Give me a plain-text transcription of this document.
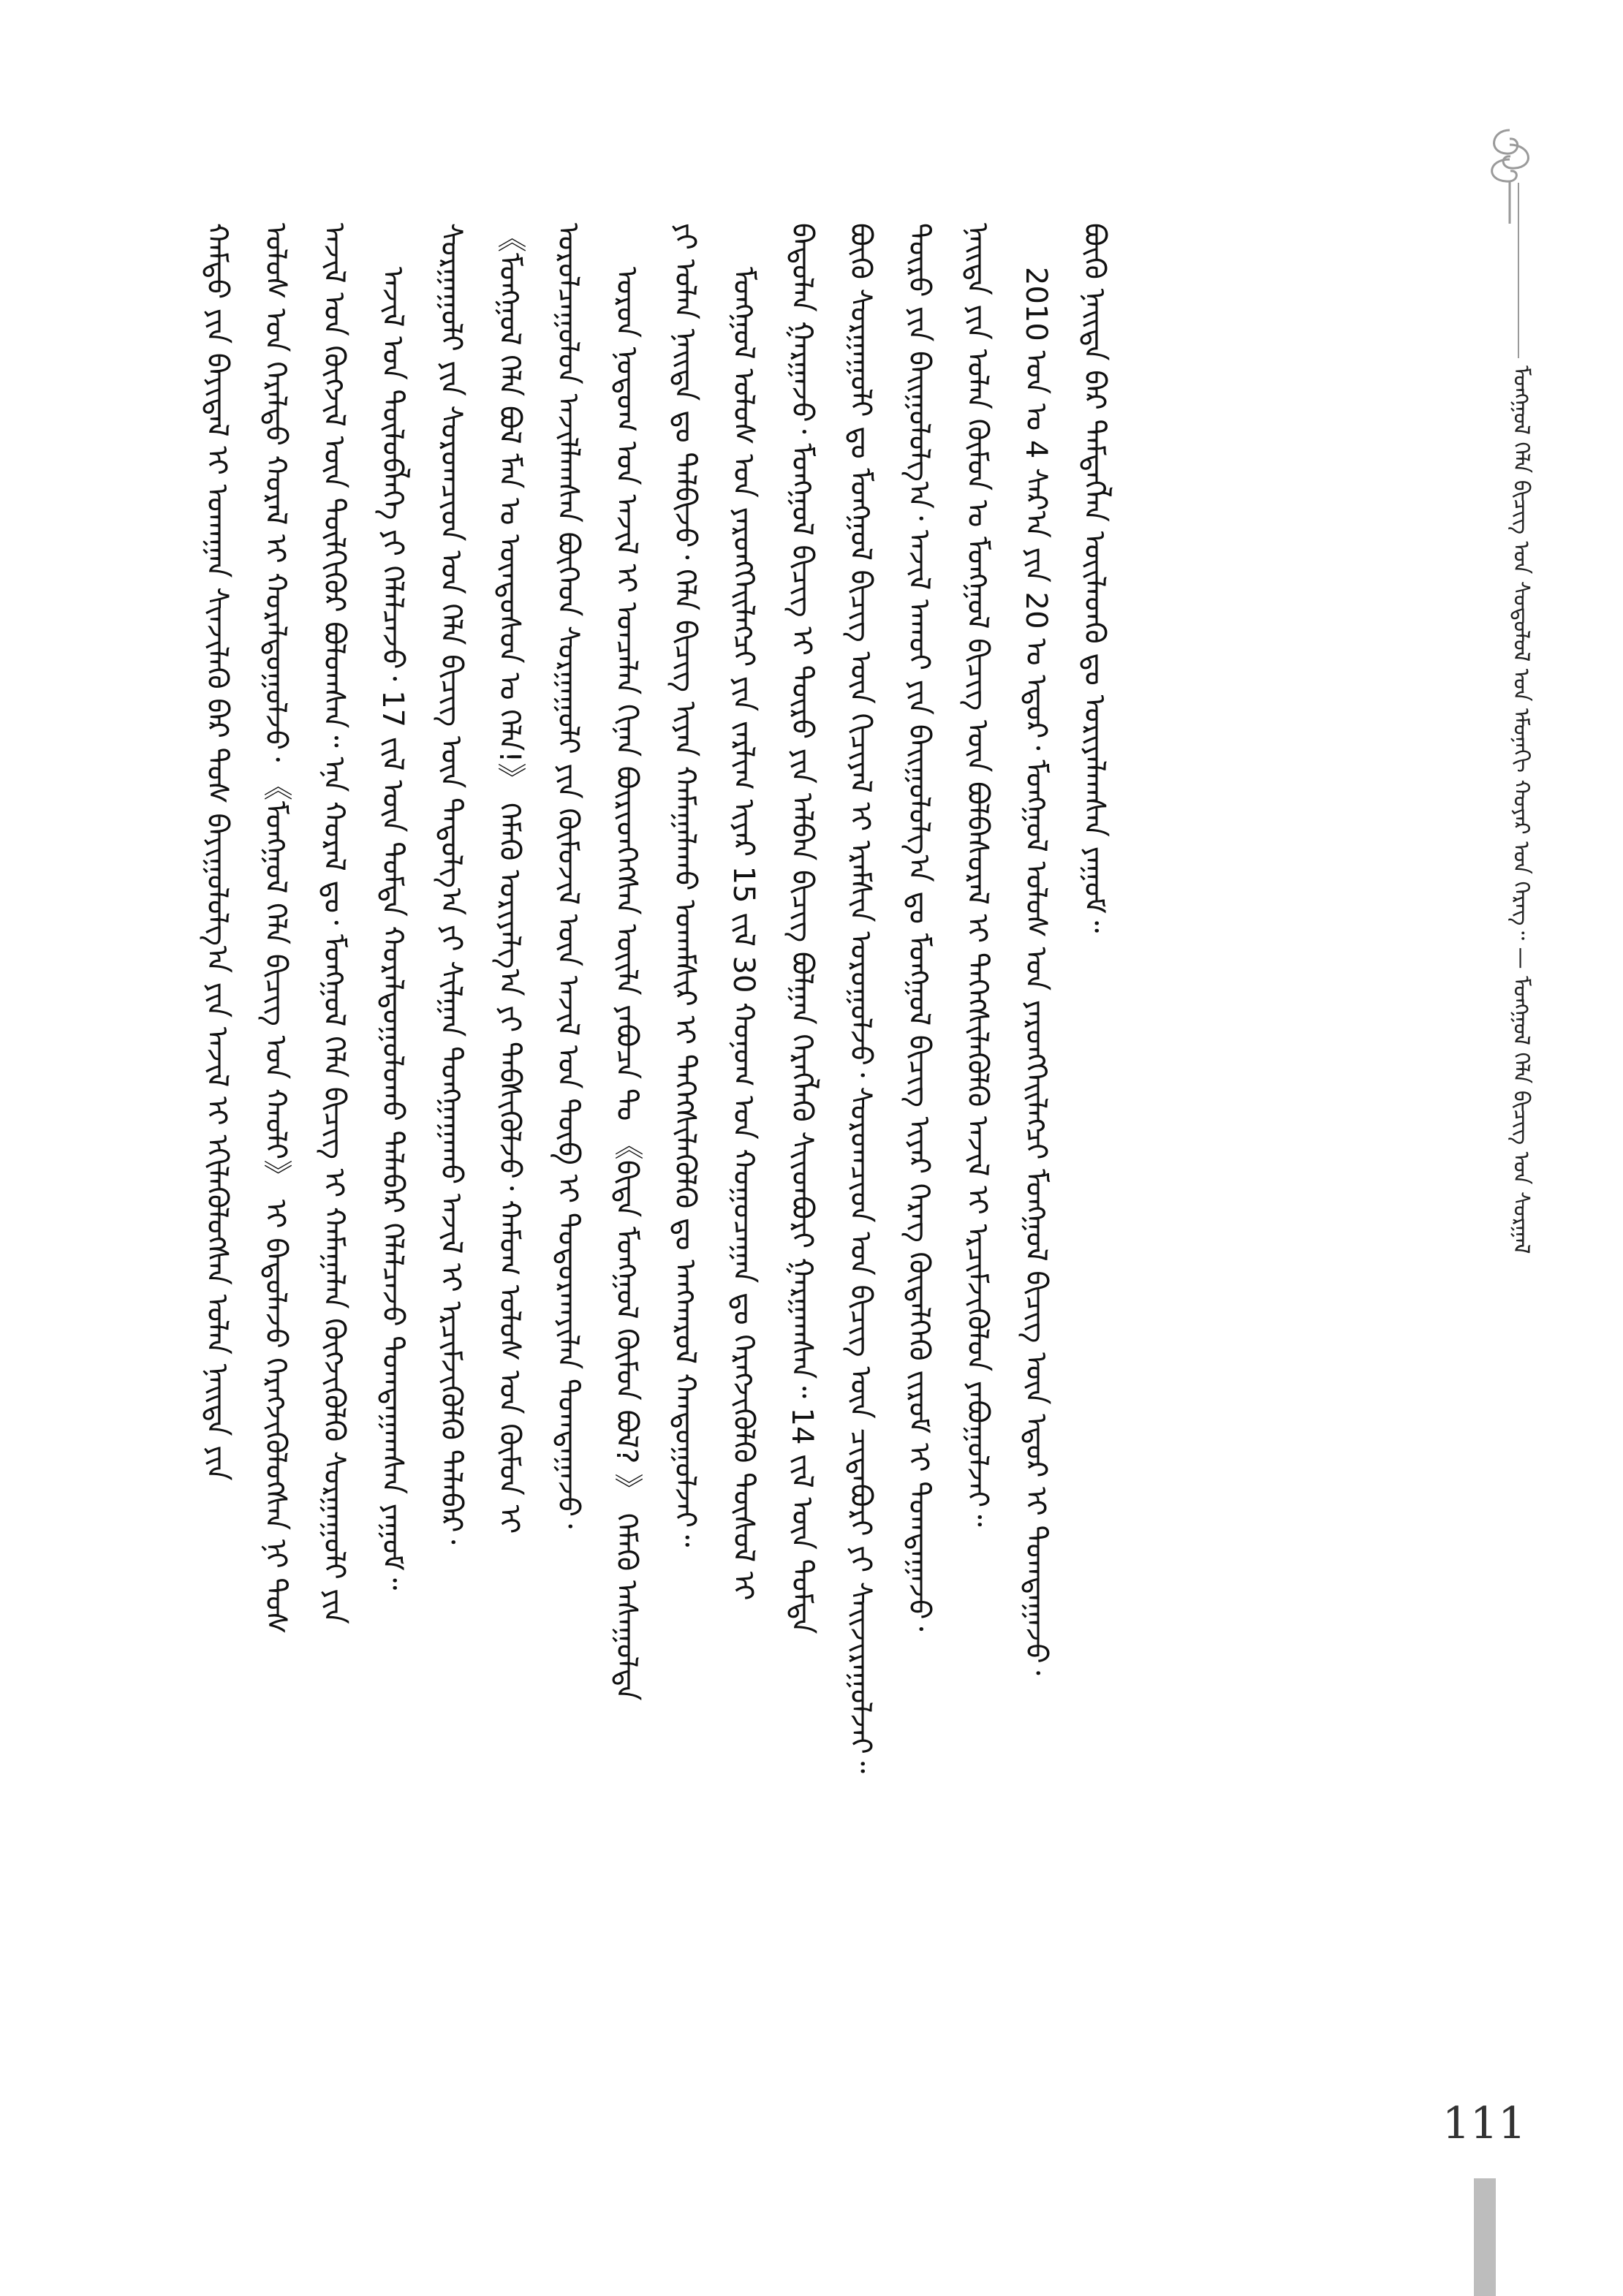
ᠮᠣᠩᠭᠣᠯ ᠬᠡᠯᠡ ᠪᠢᠴᠢᠭ ᠤᠨ ᠰᠤᠳᠤᠯᠤᠯ ᠤᠨ ᠡᠮᠦᠨᠡᠬᠢ ᠬᠣᠶᠠᠷ ᠤᠨ ᠬᠡᠷᠡᠭ᠃ — ᠮᠣᠩᠭᠣᠯ ᠬᠡᠯᠡ ᠪᠢᠴᠢᠭ ᠤᠨ ᠰᠤᠷᠭᠠᠯ
ᠬᠠᠮᠲᠤ ᠶᠢᠨ ᠪᠠᠶᠢᠳᠠᠯ ᠢ ᠤᠬᠠᠭᠠᠨ ᠰᠢᠨᠵᠢᠯᠡᠬᠦ ᠪᠡᠷ ᠲᠤᠰ ᠪᠠᠶᠢᠭᠤᠯᠤᠯᠭ᠎ᠠ ᠶᠢᠨ ᠠᠵᠢᠯ ᠢ ᠡᠬᠢᠯᠡᠭᠦᠯᠦᠭᠰᠡᠨ ᠣᠯᠠᠨ ᠨᠡᠢᠲᠡ ᠶᠢᠨ ᠤᠯᠤᠰ ᠤᠨ ᠭᠡᠷᠡᠯᠲᠦ ᠬᠤᠷᠠᠯ ᠢ ᠬᠤᠷᠠᠯᠳᠤᠭᠤᠯᠵᠤ᠂ 《ᠮᠣᠩᠭᠣᠯ ᠬᠡᠯᠡ ᠪᠢᠴᠢᠭ ᠤᠨ ᠬᠠᠤᠯᠢ》 ᠢ ᠪᠠᠲᠤᠯᠠᠵᠤ ᠬᠡᠷᠡᠭᠵᠢᠭᠦᠯᠦᠭᠰᠡᠨ ᠨᠢ ᠲᠤᠰ ᠠᠵᠢᠯ ᠤᠨ ᠬᠦᠭᠵᠢᠯ ᠦᠨ ᠲᠦᠯᠬᠢᠭᠦᠷ ᠪᠣᠯᠤᠭᠰᠠᠨ᠃ ᠡᠨᠡ ᠬᠤᠷᠠᠯ ᠳᠤ᠂ ᠮᠣᠩᠭᠣᠯ ᠬᠡᠯᠡ ᠪᠢᠴᠢᠭ ᠢ ᠬᠠᠮᠠᠭᠠᠯᠠᠨ ᠬᠥᠭᠵᠢᠭᠦᠯᠬᠦ ᠰᠤᠷᠭᠠᠭᠤᠯᠢ ᠶᠢᠨ ᠠᠵᠢᠯ ᠤᠨ ᠲᠥᠯᠥᠪᠯᠡᠭᠡ ᠶᠢ ᠬᠡᠯᠡᠯᠴᠡᠵᠦ᠂ 17 ᠵᠢᠯ ᠦᠨ ᠳᠤᠮᠳᠠ ᠬᠤᠷᠠᠯᠳᠤᠭᠤᠯᠤᠬᠤ ᠲᠠᠯᠠᠪᠠᠷ ᠬᠡᠯᠡᠯᠴᠡᠵᠦ ᠲᠣᠭᠲᠠᠭᠠᠭᠰᠠᠨ ᠶᠠᠭᠤᠮ᠃ ᠰᠤᠷᠭᠠᠭᠤᠯᠢ ᠶᠢᠨ ᠰᠤᠷᠤᠭᠴᠢᠳ ᠤᠨ ᠬᠡᠯᠡ ᠪᠢᠴᠢᠭ ᠦᠨ ᠳᠠᠳᠤᠯᠭ᠎ᠠ ᠶᠢ ᠰᠢᠯᠭᠠᠨ ᠲᠤᠩᠭᠠᠭᠠᠬᠤ ᠠᠵᠢᠯ ᠢ ᠡᠷᠴᠢᠮᠵᠢᠭᠦᠯᠬᠦ ᠲᠠᠯᠠᠪᠠᠷ᠂ 《ᠮᠣᠩᠭᠣᠯ ᠬᠡᠯᠡ ᠪᠣᠯ ᠮᠠᠨ ᠤ ᠦᠨᠳᠦᠰᠦᠨ ᠤ ᠬᠡᠯᠡ!》 ᠬᠡᠮᠡᠬᠦ ᠤᠷᠢᠶᠠᠯᠭ᠎ᠠ ᠶᠢ ᠳᠡᠪᠰᠢᠭᠦᠯᠵᠦ᠂ ᠬᠠᠮᠤᠭ ᠤᠯᠤᠰ ᠤᠨ ᠬᠦᠮᠦᠨ ᠢ ᠣᠷᠣᠯᠴᠠᠭᠤᠯᠤᠨ ᠠᠵᠢᠯᠯᠠᠭᠰᠠᠨ ᠪᠥᠭᠡᠳ ᠰᠤᠷᠭᠠᠭᠤᠯᠢ ᠶᠢᠨ ᠬᠦᠮᠦᠵᠢᠯ ᠦᠨ ᠠᠵᠢᠯ ᠤᠨ ᠲᠥᠪ ᠢ ᠲᠣᠳᠤᠷᠬᠠᠶᠢᠯᠠᠨ ᠲᠣᠭᠲᠠᠭᠠᠵᠤ᠂ ᠣᠷᠣᠨ ᠨᠤᠲᠤᠭ ᠤᠨ ᠠᠵᠢᠯ ᠢ ᠣᠨᠴᠠᠯᠠᠨ ᠬᠢᠨᠠᠨ ᠪᠦᠷᠢᠳᠬᠡᠭᠰᠡᠨ ᠦᠢᠯᠡ ᠶᠠᠪᠤᠴᠠ ᠲᠤ 《ᠪᠢᠳᠡ ᠮᠣᠩᠭᠣᠯ ᠬᠦᠮᠦᠨ ᠪᠣᠯ? 》 ᠬᠡᠮᠡᠬᠦ ᠠᠰᠠᠭᠤᠯᠲᠠ ᠶᠢ ᠣᠯᠠᠨ ᠨᠡᠢᠲᠡ ᠳᠤ ᠲᠠᠯᠪᠢᠵᠤ᠂ ᠬᠡᠯᠡ ᠪᠢᠴᠢᠭ ᠢᠶᠡᠨ ᠬᠠᠮᠠᠭᠠᠯᠠᠬᠤ ᠤᠬᠠᠮᠰᠢᠷ ᠢ ᠳᠡᠭᠡᠭᠰᠢᠯᠡᠭᠦᠯᠬᠦ ᠳᠤ ᠠᠨᠭᠬᠠᠷᠤᠯ ᠬᠠᠨᠳᠤᠭᠤᠯᠵᠠᠢ᠃ ᠮᠣᠩᠭᠣᠯ ᠤᠯᠤᠰ ᠤᠨ ᠶᠡᠷᠦᠩᠬᠡᠢᠯᠡᠭᠴᠢ ᠶᠢᠨ ᠵᠠᠷᠯᠢᠭ ᠢᠶᠠᠷ 15 ᠵᠢᠯ 30 ᠬᠤᠨᠤᠭ ᠤᠨ ᠬᠤᠭᠤᠴᠠᠭᠠᠨ ᠳᠤ ᠬᠡᠷᠡᠭᠵᠢᠭᠦᠯᠬᠦ ᠲᠥᠰᠥᠯ ᠢ ᠪᠠᠲᠤᠯᠠᠨ ᠭᠠᠷᠭᠠᠵᠤ᠂ ᠮᠣᠩᠭᠣᠯ ᠪᠢᠴᠢᠭ ᠢ ᠲᠥᠷᠥ ᠶᠢᠨ ᠠᠯᠪᠠᠨ ᠪᠢᠴᠢᠭ ᠪᠣᠯᠭᠠᠨ ᠬᠡᠷᠡᠭᠯᠡᠬᠦ ᠰᠢᠢᠳᠪᠦᠷᠢ ᠭᠠᠷᠭᠠᠭᠰᠠᠨ᠃ 14 ᠵᠢᠯ ᠦᠨ ᠳᠤᠮᠳᠠ ᠪᠦᠬᠦ ᠰᠤᠷᠭᠠᠭᠤᠯᠢ ᠳᠤ ᠮᠣᠩᠭᠣᠯ ᠪᠢᠴᠢᠭ ᠦᠨ ᠬᠢᠴᠢᠶᠡᠯ ᠢ ᠡᠷᠡᠮᠰᠢᠨ ᠣᠷᠣᠭᠤᠯᠵᠤ᠂ ᠰᠤᠷᠤᠭᠴᠢᠳ ᠤᠨ ᠪᠢᠴᠢᠭ ᠦᠨ ᠴᠢᠳᠠᠪᠤᠷᠢ ᠶᠢ ᠰᠠᠢᠵᠢᠷᠠᠭᠤᠯᠵᠠᠢ᠃ ᠲᠥᠷᠥ ᠶᠢᠨ ᠪᠠᠢᠭᠤᠯᠤᠯᠭ᠎ᠠ᠂ ᠠᠵᠢᠯ ᠠᠬᠤᠢ ᠶᠢᠨ ᠪᠠᠢᠭᠤᠯᠤᠯᠭ᠎ᠠ ᠳᠤ ᠮᠣᠩᠭᠣᠯ ᠪᠢᠴᠢᠭ ᠢᠶᠡᠷ ᠬᠡᠷᠡᠭ ᠬᠥᠳᠡᠯᠭᠡᠬᠦ ᠵᠢᠷᠤᠮ ᠢ ᠲᠣᠭᠲᠠᠭᠠᠵᠤ᠂ ᠨᠡᠢᠲᠡ ᠶᠢᠨ ᠣᠯᠠᠨ ᠬᠦᠮᠦᠨ ᠤ ᠮᠣᠩᠭᠣᠯ ᠪᠢᠴᠢᠭ ᠦᠨ ᠪᠣᠯᠪᠠᠰᠤᠷᠠᠯ ᠢ ᠳᠡᠭᠡᠭᠰᠢᠯᠡᠭᠦᠯᠬᠦ ᠠᠵᠢᠯ ᠢ ᠡᠷᠴᠢᠮᠵᠢᠭᠦᠯᠦᠨ ᠶᠠᠪᠤᠭᠤᠯᠵᠠᠢ᠃ 2010 ᠣᠨ ᠤ 4 ᠰᠠᠷ᠎ᠠ ᠶᠢᠨ 20 ᠤ ᠡᠳᠦᠷ᠂ ᠮᠣᠩᠭᠣᠯ ᠤᠯᠤᠰ ᠤᠨ ᠶᠡᠷᠦᠩᠬᠡᠢᠯᠡᠭᠴᠢ ᠮᠣᠩᠭᠣᠯ ᠪᠢᠴᠢᠭ ᠦᠨ ᠡᠳᠦᠷ ᠢ ᠲᠣᠭᠲᠠᠭᠠᠵᠤ᠂ ᠪᠦᠬᠦ ᠨᠡᠢᠲᠡ ᠪᠡᠷ ᠲᠡᠮᠳᠡᠭᠯᠡᠨ ᠦᠢᠯᠡᠳᠬᠦ ᠳᠤ ᠤᠷᠢᠶᠠᠯᠠᠭᠰᠠᠨ ᠶᠠᠭᠤᠮ᠃
111
